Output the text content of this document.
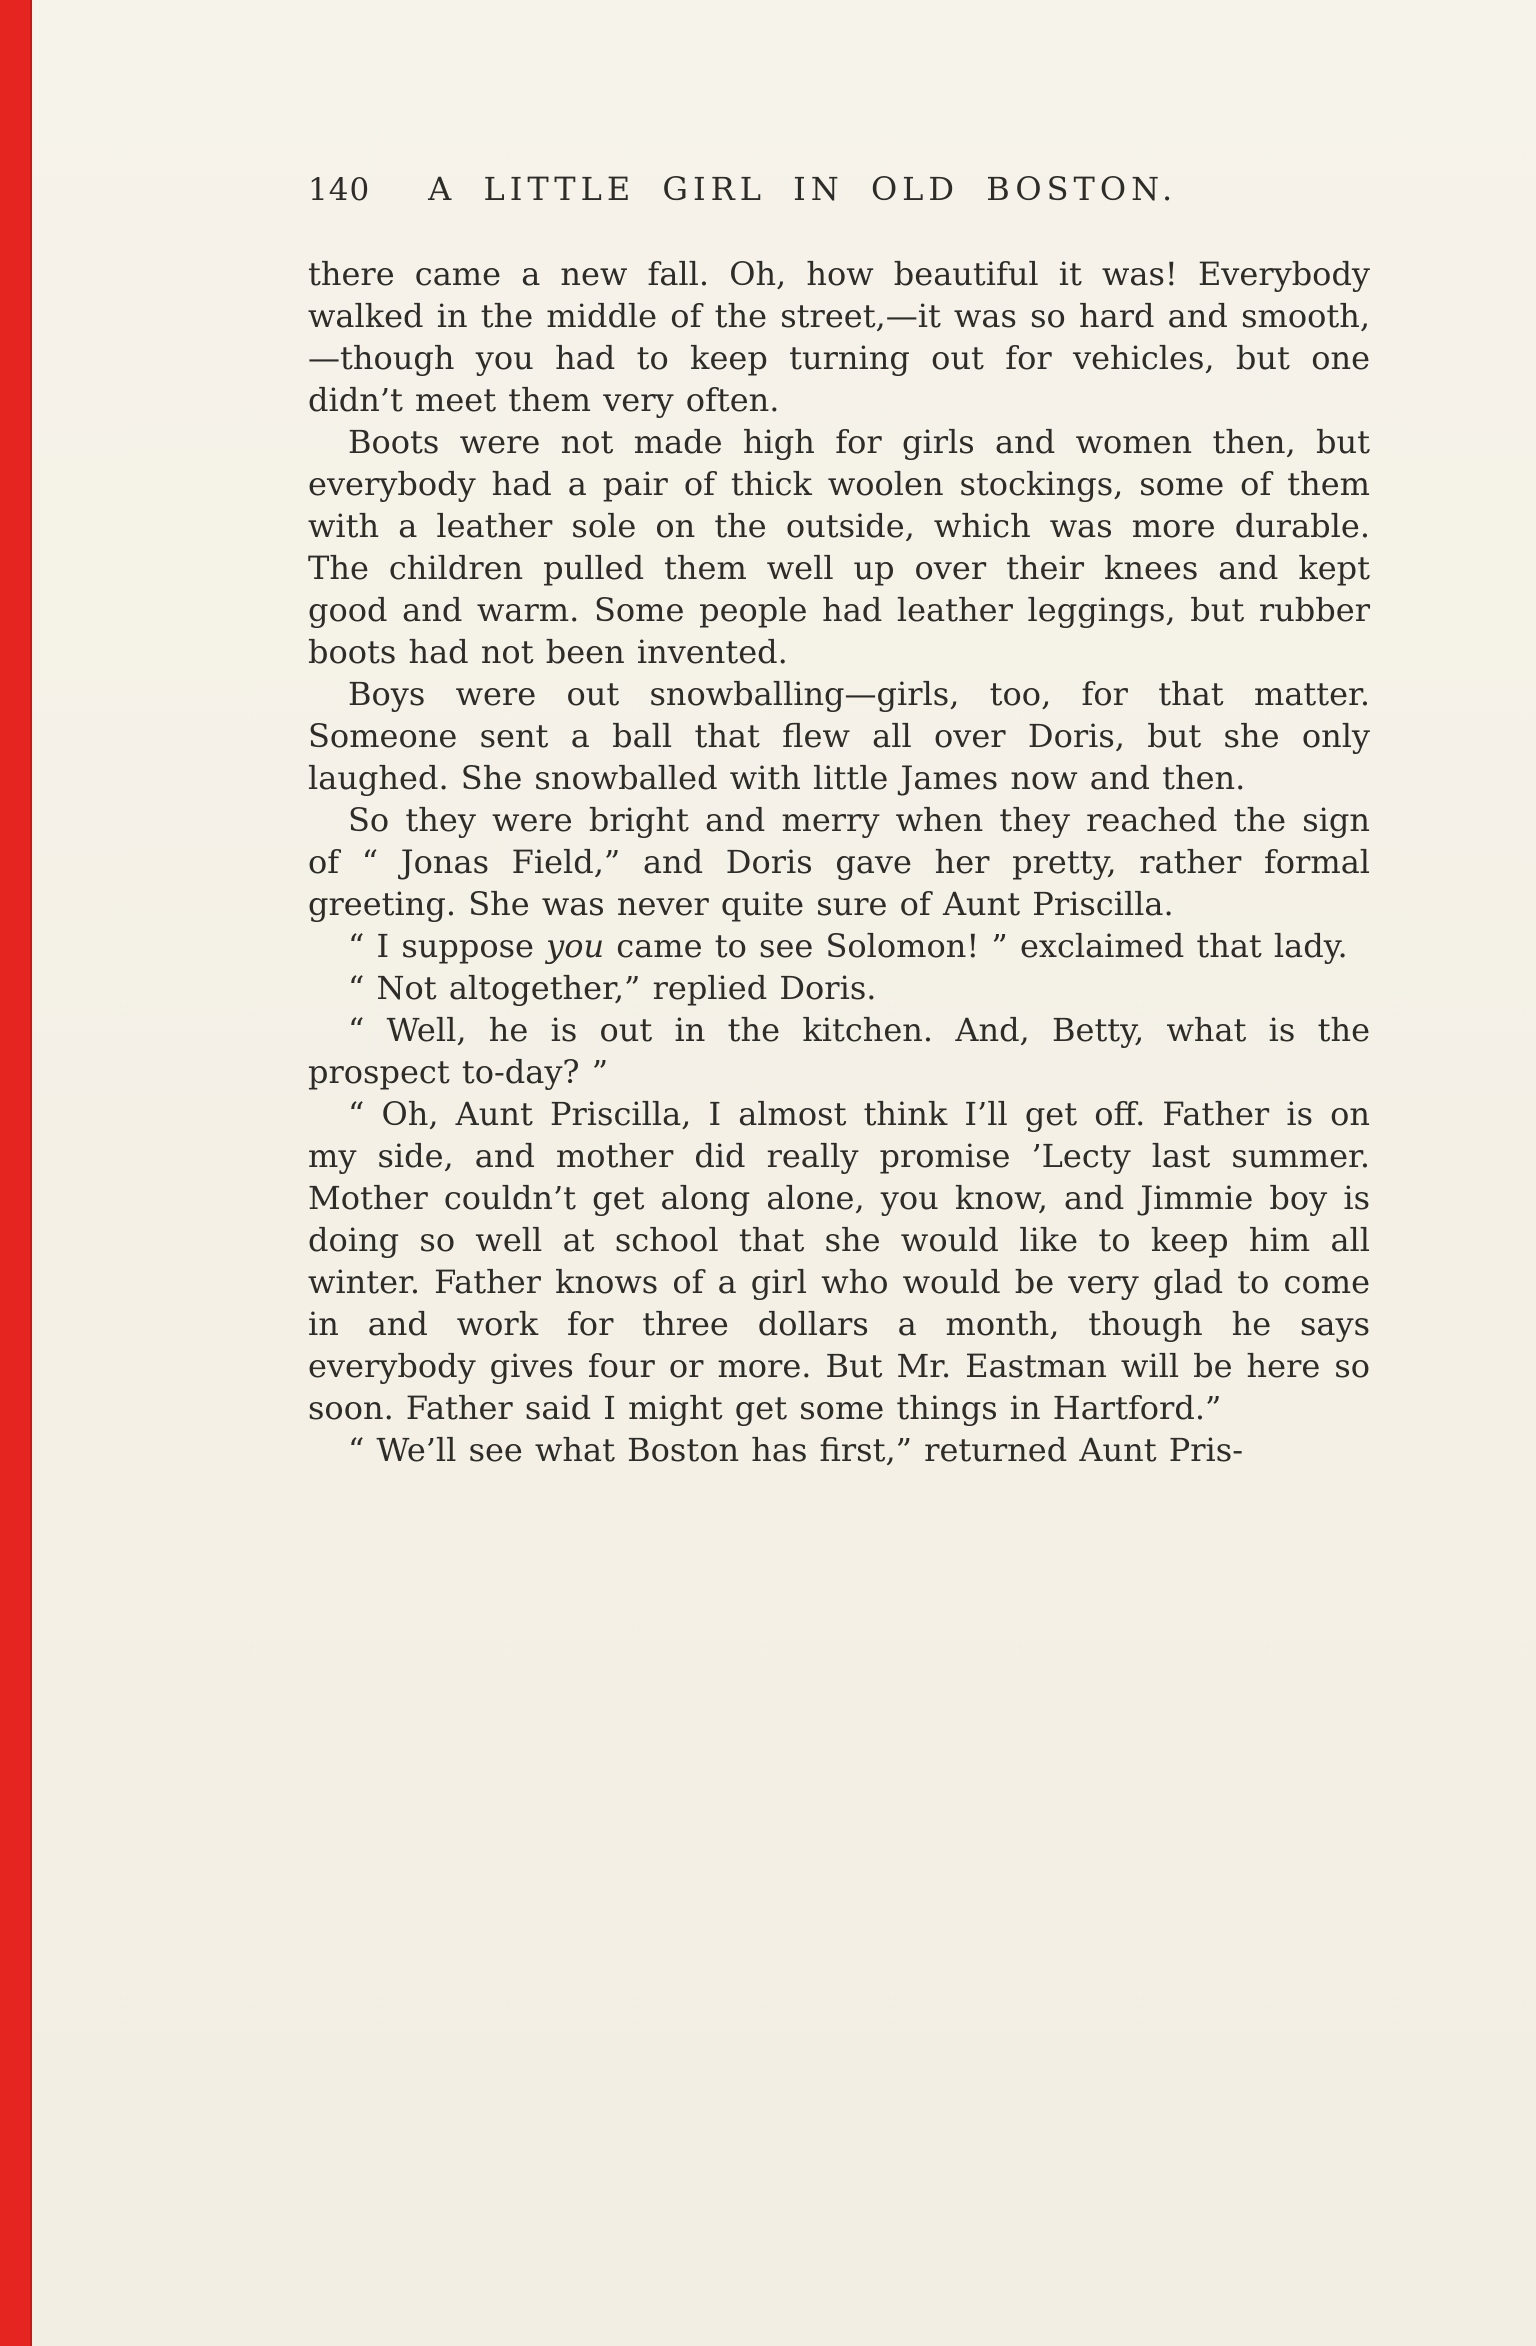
140 A LITTLE GIRL IN OLD BOSTON.

there came a new fall. Oh, how beautiful it was! Everybody walked in the middle of the street,—it was so hard and smooth,—though you had to keep turning out for vehicles, but one didn’t meet them very often.

Boots were not made high for girls and women then, but everybody had a pair of thick woolen stockings, some of them with a leather sole on the outside, which was more durable. The children pulled them well up over their knees and kept good and warm. Some people had leather leggings, but rubber boots had not been invented.

Boys were out snowballing—girls, too, for that matter. Someone sent a ball that flew all over Doris, but she only laughed. She snowballed with little James now and then.

So they were bright and merry when they reached the sign of “ Jonas Field,” and Doris gave her pretty, rather formal greeting. She was never quite sure of Aunt Priscilla.

“ I suppose you came to see Solomon! ” exclaimed that lady.

“ Not altogether,” replied Doris.

“ Well, he is out in the kitchen. And, Betty, what is the prospect to-day? ”

“ Oh, Aunt Priscilla, I almost think I’ll get off. Father is on my side, and mother did really promise ’Lecty last summer. Mother couldn’t get along alone, you know, and Jimmie boy is doing so well at school that she would like to keep him all winter. Father knows of a girl who would be very glad to come in and work for three dollars a month, though he says everybody gives four or more. But Mr. Eastman will be here so soon. Father said I might get some things in Hartford.”

“ We’ll see what Boston has first,” returned Aunt Pris-
